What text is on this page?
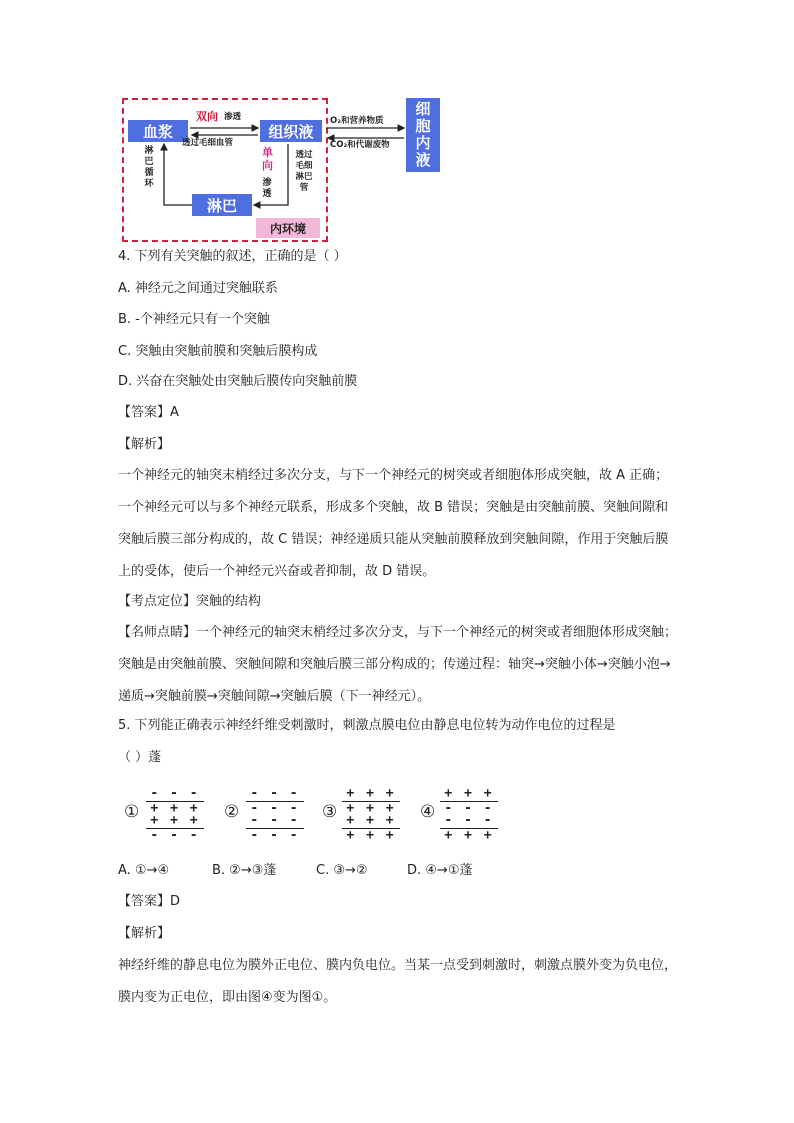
血浆	组织液
淋巴
内环境
细
胞
内
液
双向 渗透
透过毛细血管
单
向
渗
透
透过
毛细
淋巴
管
淋
巴
循
环
O₂和营养物质
CO₂和代谢废物
4. 下列有关突触的叙述，正确的是（ ）
A. 神经元之间通过突触联系
B. -个神经元只有一个突触
C. 突触由突触前膜和突触后膜构成
D. 兴奋在突触处由突触后膜传向突触前膜
【答案】A
【解析】
一个神经元的轴突末梢经过多次分支，与下一个神经元的树突或者细胞体形成突触，故 A 正确；一个神经元可以与多个神经元联系，形成多个突触，故 B 错误；突触是由突触前膜、突触间隙和突触后膜三部分构成的，故 C 错误；神经递质只能从突触前膜释放到突触间隙，作用于突触后膜上的受体，使后一个神经元兴奋或者抑制，故 D 错误。
【考点定位】突触的结构
【名师点睛】一个神经元的轴突末梢经过多次分支，与下一个神经元的树突或者细胞体形成突触；突触是由突触前膜、突触间隙和突触后膜三部分构成的；传递过程：轴突→突触小体→突触小泡→递质→突触前膜→突触间隙→突触后膜（下一神经元）。
5. 下列能正确表示神经纤维受刺激时，刺激点膜电位由静息电位转为动作电位的过程是
（ ）蓬
①
- - -
+ + +
+ + +
- - -
②
- - -
- - -
- - -
- - -
③
+ + +
+ + +
+ + +
+ + +
④
+ + +
- - -
- - -
+ + +
A. ①→④	B. ②→③蓬	C. ③→②	D. ④→①蓬
【答案】D
【解析】
神经纤维的静息电位为膜外正电位、膜内负电位。当某一点受到刺激时，刺激点膜外变为负电位，膜内变为正电位，即由图④变为图①。
